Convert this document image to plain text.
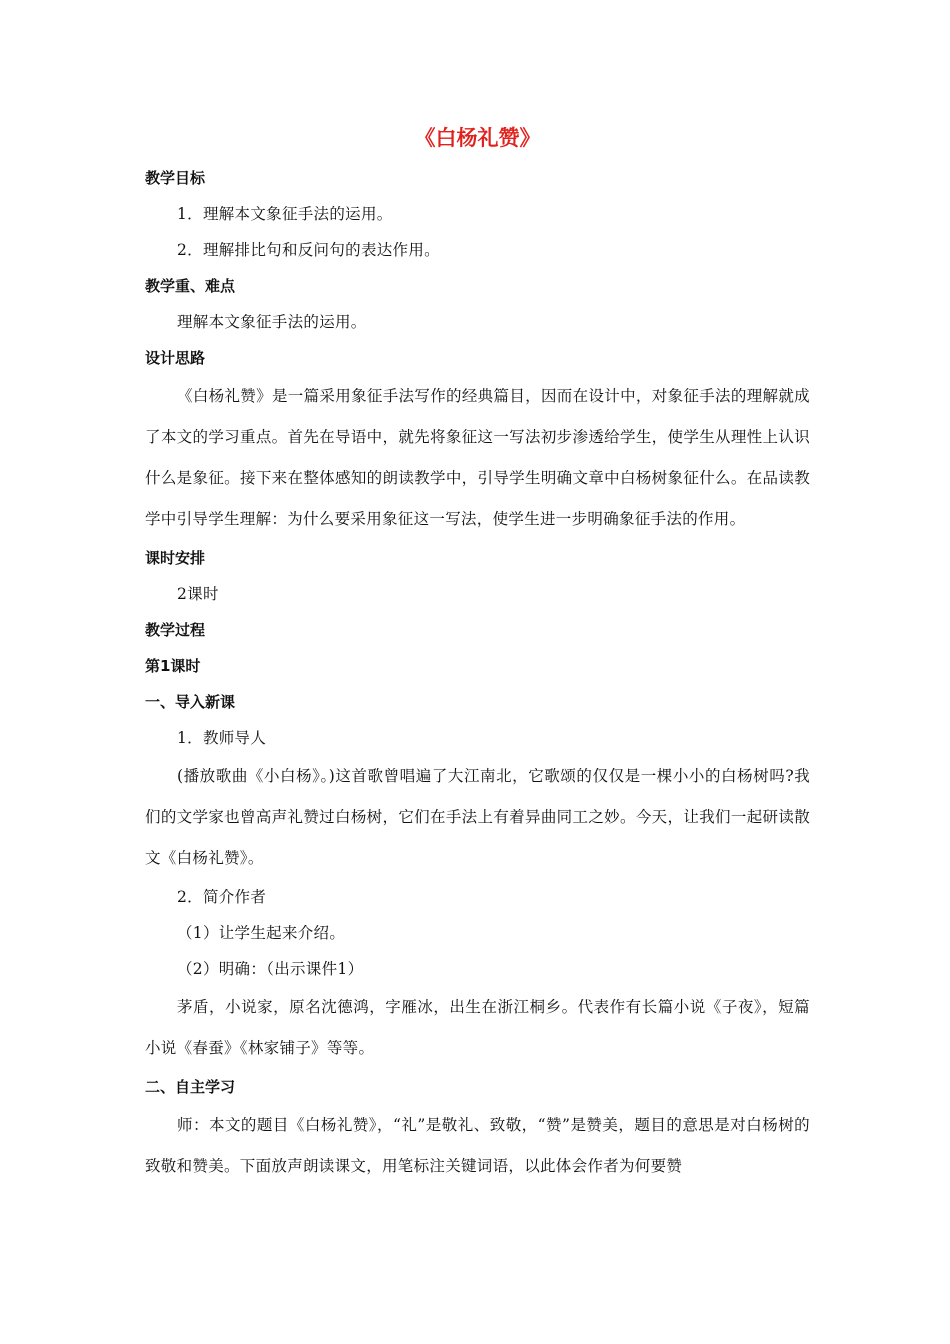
《白杨礼赞》
教学目标
1．理解本文象征手法的运用。
2．理解排比句和反问句的表达作用。
教学重、难点
理解本文象征手法的运用。
设计思路
《白杨礼赞》是一篇采用象征手法写作的经典篇目，因而在设计中，对象征手法的理解就成了本文的学习重点。首先在导语中，就先将象征这一写法初步渗透给学生，使学生从理性上认识什么是象征。接下来在整体感知的朗读教学中，引导学生明确文章中白杨树象征什么。在品读教学中引导学生理解：为什么要采用象征这一写法，使学生进一步明确象征手法的作用。
课时安排
2课时
教学过程
第1课时
一、导入新课
1．教师导人
(播放歌曲《小白杨》。)这首歌曾唱遍了大江南北，它歌颂的仅仅是一棵小小的白杨树吗?我们的文学家也曾高声礼赞过白杨树，它们在手法上有着异曲同工之妙。今天，让我们一起研读散文《白杨礼赞》。
2．简介作者
（1）让学生起来介绍。
（2）明确：（出示课件1）
茅盾，小说家，原名沈德鸿，字雁冰，出生在浙江桐乡。代表作有长篇小说《子夜》，短篇小说《春蚕》《林家铺子》等等。
二、自主学习
师：本文的题目《白杨礼赞》，“礼”是敬礼、致敬，“赞”是赞美，题目的意思是对白杨树的致敬和赞美。下面放声朗读课文，用笔标注关键词语，以此体会作者为何要赞
